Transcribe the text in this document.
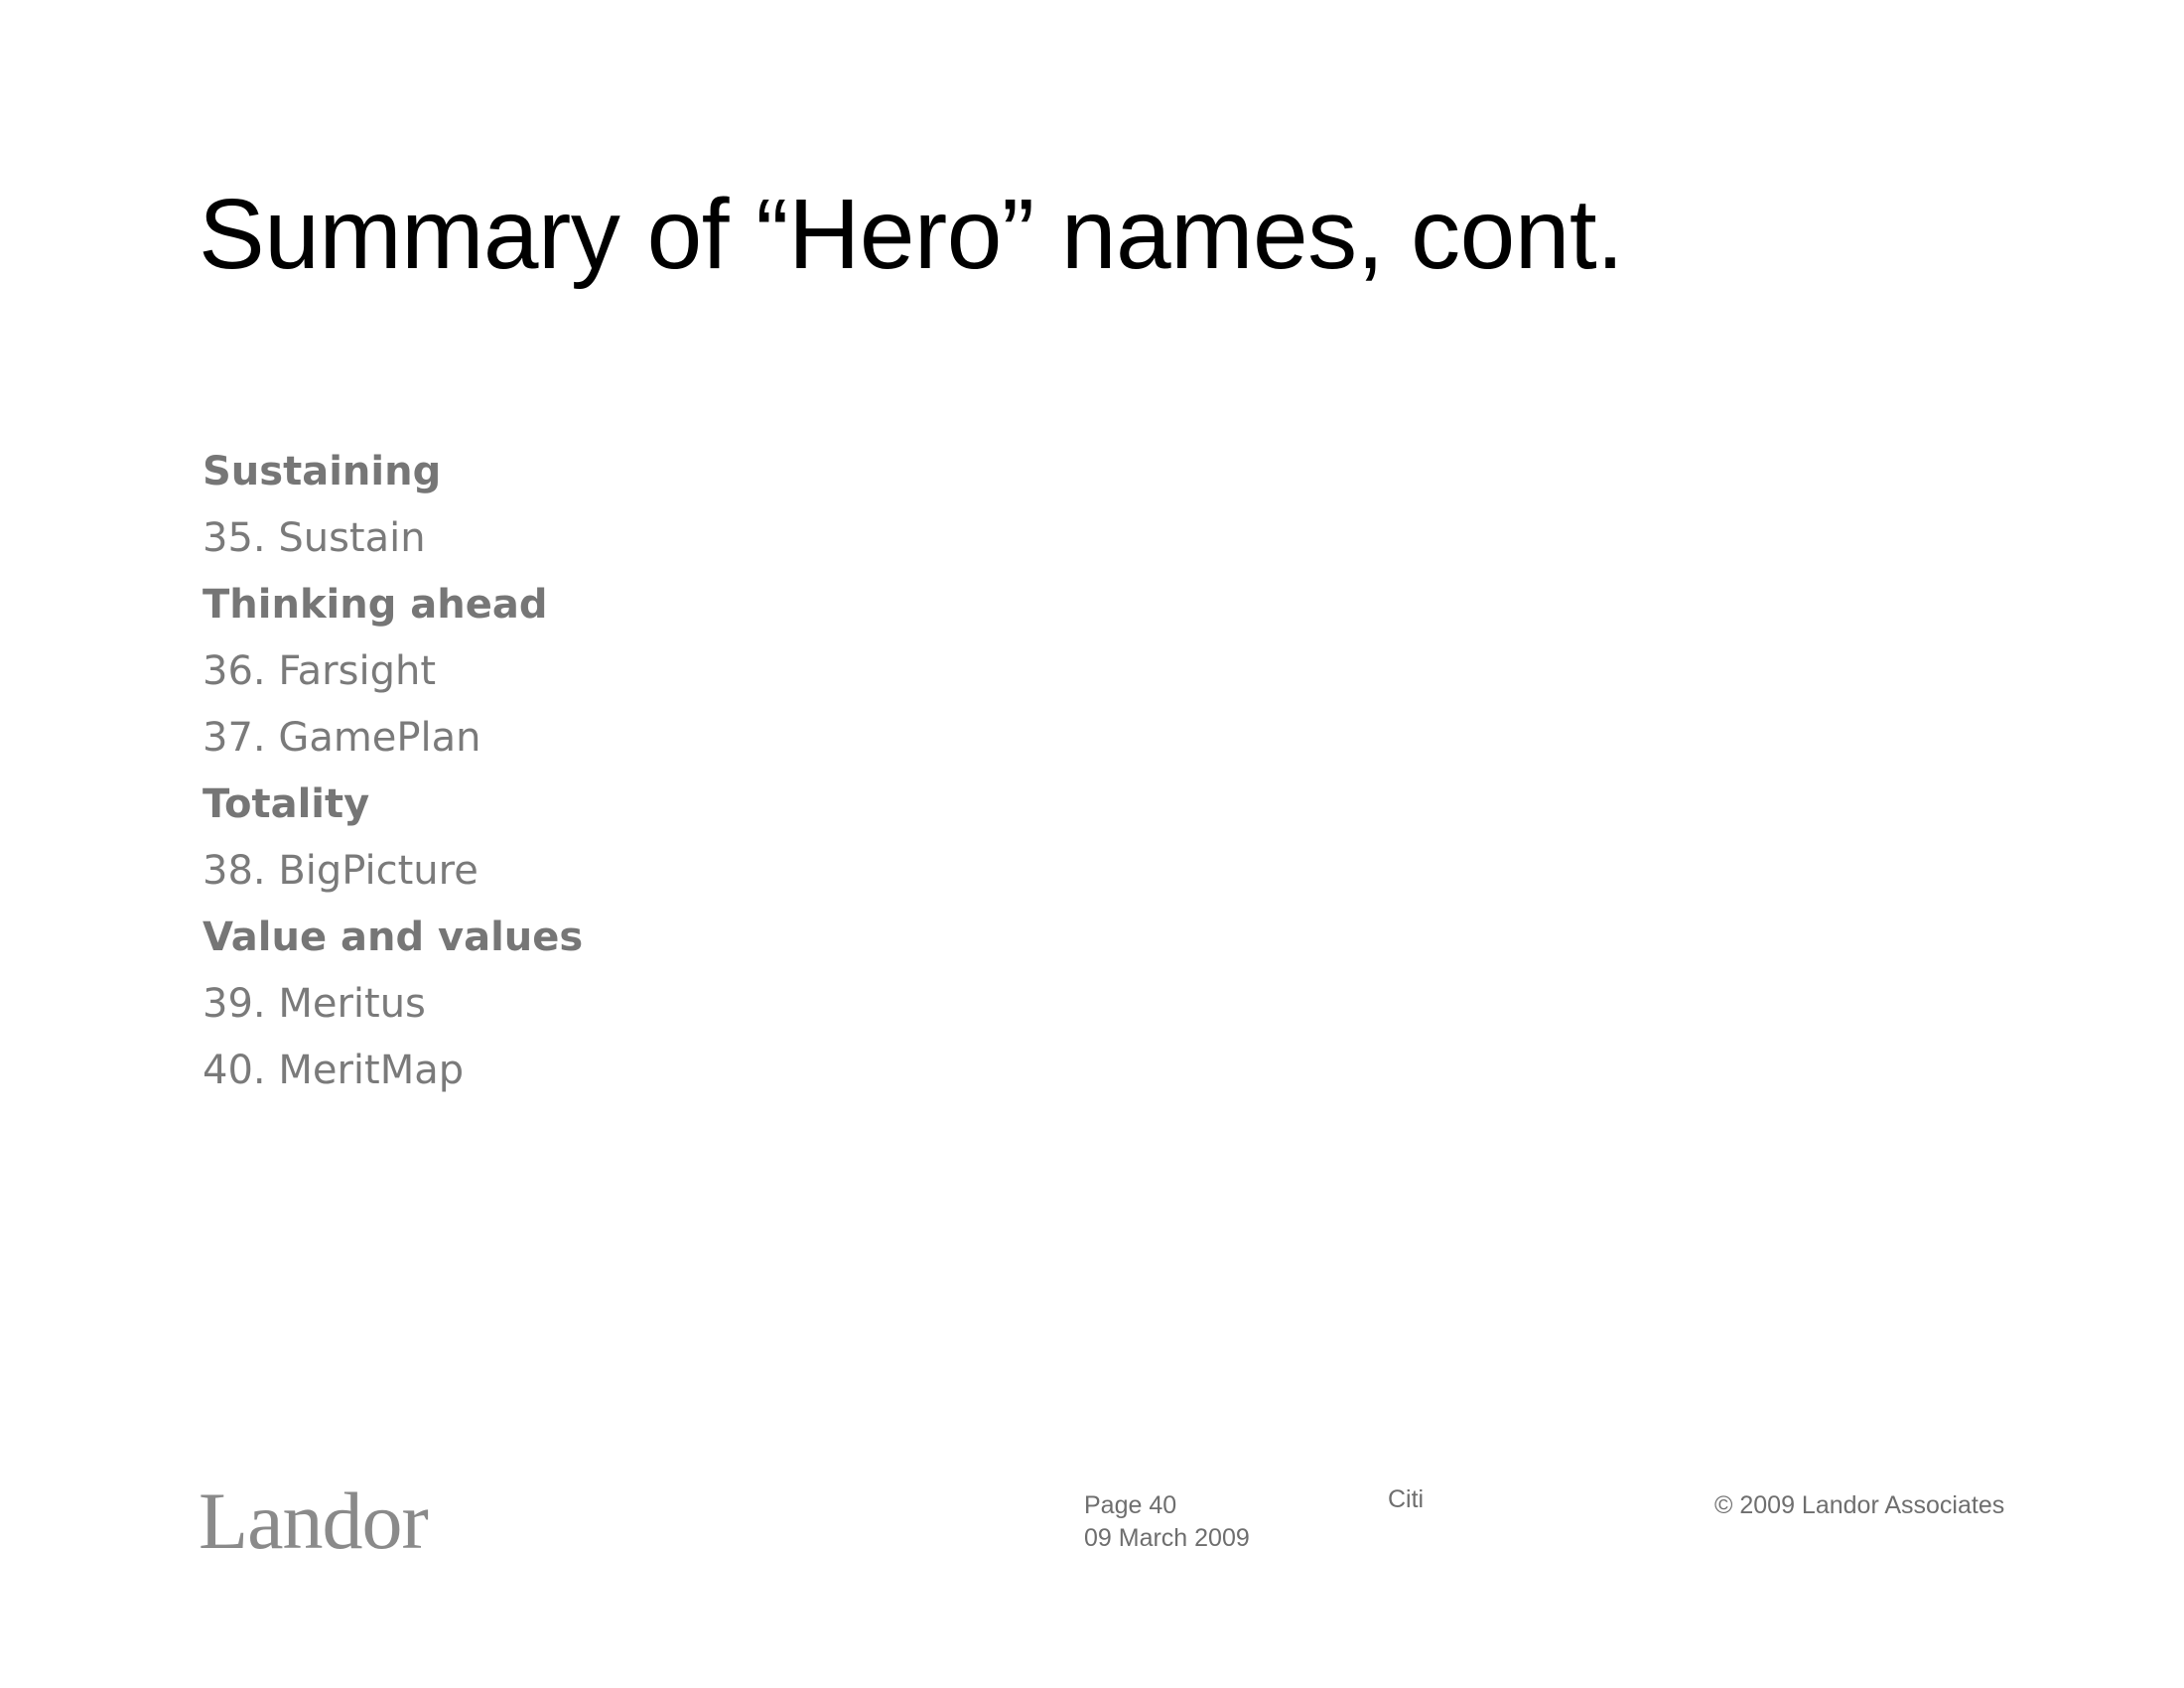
Summary of “Hero” names, cont.
Sustaining
35. Sustain
Thinking ahead
36. Farsight
37. GamePlan
Totality
38. BigPicture
Value and values
39. Meritus
40. MeritMap
Landor	Page 40
09 March 2009
Citi	© 2009 Landor Associates
